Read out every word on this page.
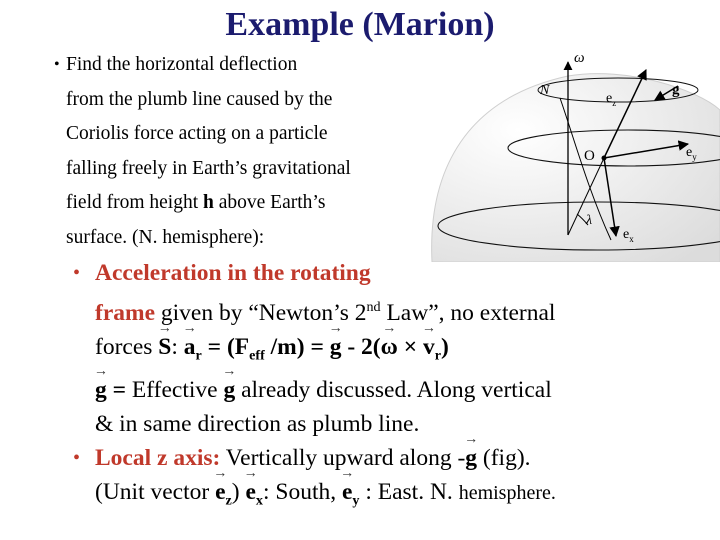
Example (Marion)
• Find the horizontal deflection
from the plumb line caused by the
Coriolis force acting on a particle
falling freely in Earth’s gravitational
field from height h above Earth’s
surface. (N. hemisphere):
ω
N
$e_z$
g
O	$e_y$
λ
$e_x$
• Acceleration in the rotating
frame given by “Newton’s 2nd Law”, no external
forces → S: → $a_r = (F_{eff}$ /m) = → g - 2(→ ω × → $v_r$)
→ g = Effective → g already discussed. Along vertical
& in same direction as plumb line.
• Local z axis: Vertically upward along -→ g (fig).
(Unit vector → $e_z) \to e_x$: South, → $e_y$ : East. N. hemisphere.
